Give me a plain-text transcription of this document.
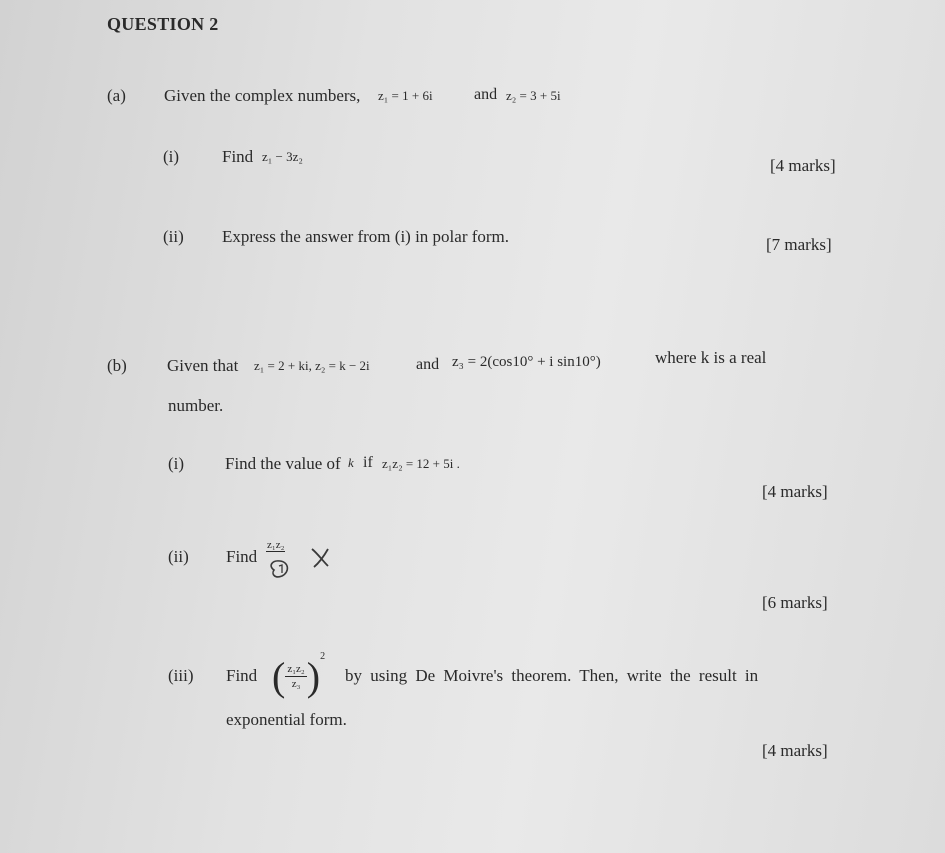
QUESTION 2
(a) Given the complex numbers, z₁ = 1 + 6i	and z₂ = 3 + 5i
(i)	Find z₁ − 3z₂	[4 marks]
(ii) Express the answer from (i) in polar form.	[7 marks]
(b) Given that z₁ = 2 + ki, z₂ = k − 2i	and z₃ = 2(cos10° + i sin10°)	where k is a real
number.
(i) Find the value of k if z₁z₂ = 12 + 5i .
[4 marks]
(ii) Find
z₁z₂
[6 marks]
(iii) Find ( $\frac{\text{z₁z₂}}{\text{z₃}} )^2$
by using De Moivre's theorem. Then, write the result in
exponential form.
[4 marks]
